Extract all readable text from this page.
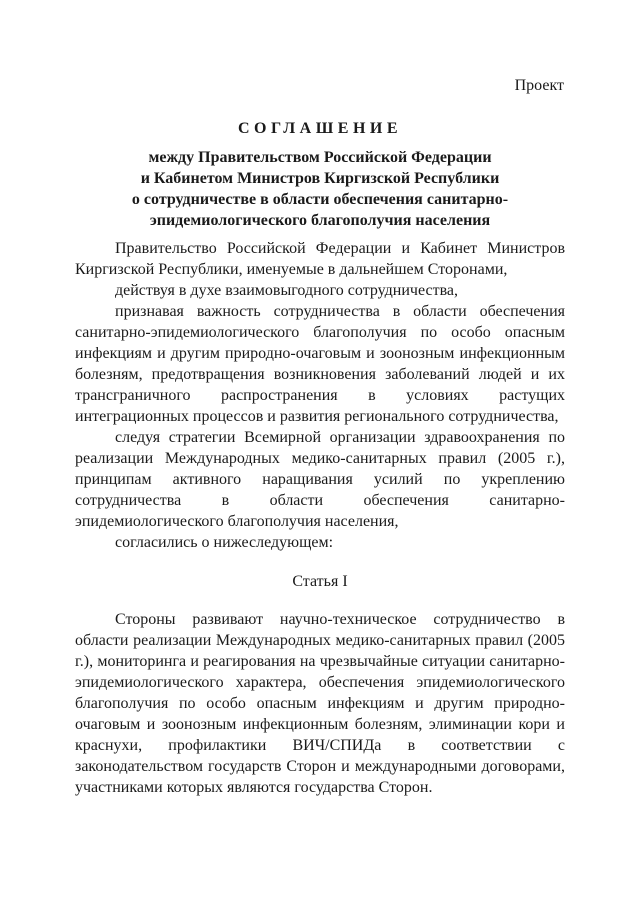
Проект
СОГЛАШЕНИЕ
между Правительством Российской Федерации
и Кабинетом Министров Киргизской Республики
о сотрудничестве в области обеспечения санитарно-
эпидемиологического благополучия населения

Правительство Российской Федерации и Кабинет Министров Киргизской Республики, именуемые в дальнейшем Сторонами,

действуя в духе взаимовыгодного сотрудничества,

признавая важность сотрудничества в области обеспечения санитарно-эпидемиологического благополучия по особо опасным инфекциям и другим природно-очаговым и зоонозным инфекционным болезням, предотвращения возникновения заболеваний людей и их трансграничного распространения в условиях растущих интеграционных процессов и развития регионального сотрудничества,

следуя стратегии Всемирной организации здравоохранения по реализации Международных медико-санитарных правил (2005 г.), принципам активного наращивания усилий по укреплению сотрудничества в области обеспечения санитарно-эпидемиологического благополучия населения,

согласились о нижеследующем:

Статья I

Стороны развивают научно-техническое сотрудничество в области реализации Международных медико-санитарных правил (2005 г.), мониторинга и реагирования на чрезвычайные ситуации санитарно-эпидемиологического характера, обеспечения эпидемиологического благополучия по особо опасным инфекциям и другим природно-очаговым и зоонозным инфекционным болезням, элиминации кори и краснухи, профилактики ВИЧ/СПИДа в соответствии с законодательством государств Сторон и международными договорами, участниками которых являются государства Сторон.
